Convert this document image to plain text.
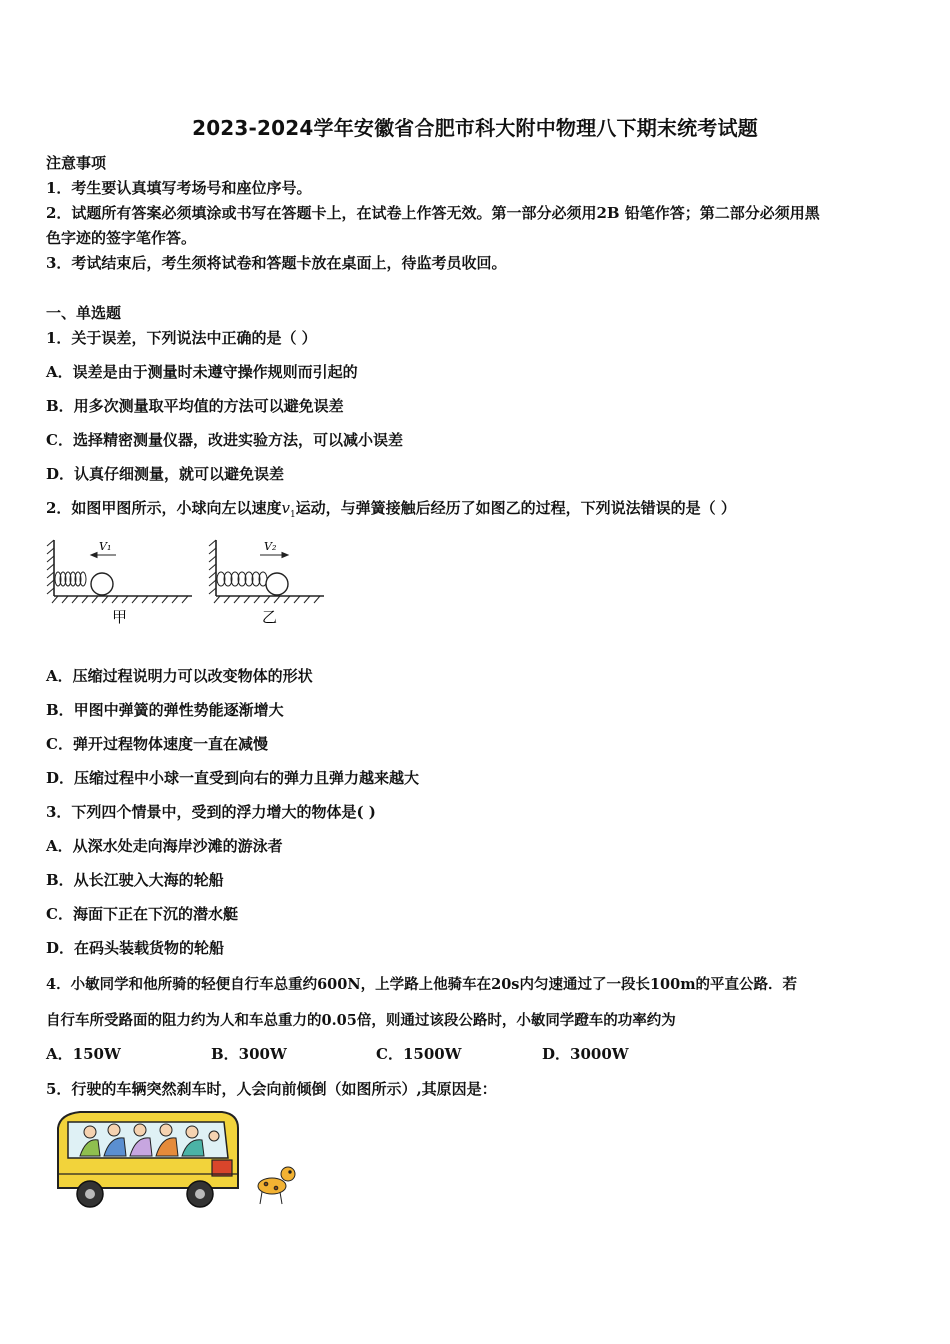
2023-2024学年安徽省合肥市科大附中物理八下期末统考试题
注意事项
1．考生要认真填写考场号和座位序号。
2．试题所有答案必须填涂或书写在答题卡上，在试卷上作答无效。第一部分必须用2B 铅笔作答；第二部分必须用黑
色字迹的签字笔作答。
3．考试结束后，考生须将试卷和答题卡放在桌面上，待监考员收回。
一、单选题
1．关于误差，下列说法中正确的是（ ）
A．误差是由于测量时未遵守操作规则而引起的
B．用多次测量取平均值的方法可以避免误差
C．选择精密测量仪器，改进实验方法，可以减小误差
D．认真仔细测量，就可以避免误差
2．如图甲图所示，小球向左以速度$v_1$运动，与弹簧接触后经历了如图乙的过程，下列说法错误的是（ ）
V₁
甲
V₂
乙
A．压缩过程说明力可以改变物体的形状
B．甲图中弹簧的弹性势能逐渐增大
C．弹开过程物体速度一直在减慢
D．压缩过程中小球一直受到向右的弹力且弹力越来越大
3．下列四个情景中，受到的浮力增大的物体是( )
A．从深水处走向海岸沙滩的游泳者
B．从长江驶入大海的轮船
C．海面下正在下沉的潜水艇
D．在码头装载货物的轮船
4．小敏同学和他所骑的轻便自行车总重约600N，上学路上他骑车在20s内匀速通过了一段长100m的平直公路．若
自行车所受路面的阻力约为人和车总重力的0.05倍，则通过该段公路时，小敏同学蹬车的功率约为
A．150W	B．300W	C．1500W	D．3000W
5．行驶的车辆突然刹车时，人会向前倾倒（如图所示）,其原因是：
